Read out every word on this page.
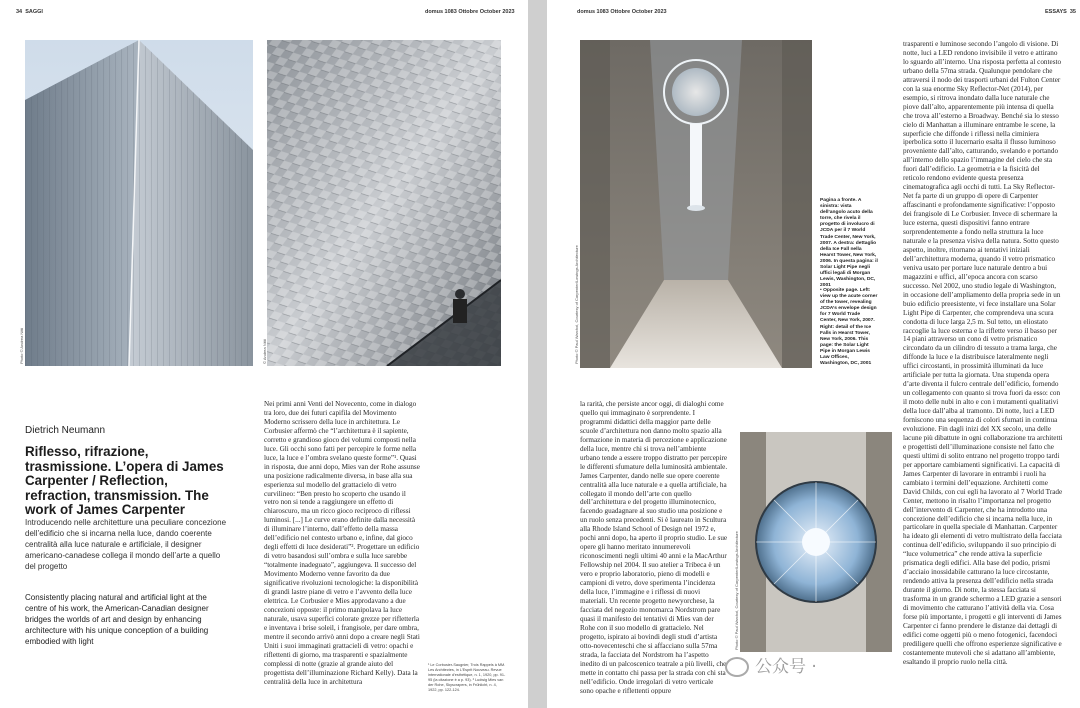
34 SAGGI	domus 1083 Ottobre October 2023
Photo © Andrea Nitti	© Andrea Nitti
Dietrich Neumann
Riflesso, rifrazione, trasmissione. L’opera di James Carpenter / Reflection, refraction, transmission. The work of James Carpenter
Introducendo nelle architetture una peculiare concezione dell’edificio che si incarna nella luce, dando coerente centralità alla luce naturale e artificiale, il designer americano-canadese collega il mondo dell’arte a quello del progetto
Consistently placing natural and artificial light at the centre of his work, the American-Canadian designer bridges the worlds of art and design by enhancing architecture with his unique conception of a building embodied with light

Nei primi anni Venti del Novecento, come in dialogo tra loro, due dei futuri capifila del Movimento Moderno scrissero della luce in architettura. Le Corbusier affermò che “l’architettura è il sapiente, corretto e grandioso gioco dei volumi composti nella luce. Gli occhi sono fatti per percepire le forme nella luce, la luce e l’ombra svelano queste forme”¹. Quasi in risposta, due anni dopo, Mies van der Rohe assunse una posizione radicalmente diversa, in base alla sua esperienza sul modello del grattacielo di vetro curvilineo: “Ben presto ho scoperto che usando il vetro non si tende a raggiungere un effetto di chiaroscuro, ma un ricco gioco reciproco di riflessi luminosi. [...] Le curve erano definite dalla necessità di illuminare l’interno, dall’effetto della massa dell’edificio nel contesto urbano e, infine, dal gioco degli effetti di luce desiderati”². Progettare un edificio di vetro basandosi sull’ombra e sulla luce sarebbe “totalmente inadeguato”, aggiungeva. Il successo del Movimento Moderno venne favorito da due significative rivoluzioni tecnologiche: la disponibilità di grandi lastre piane di vetro e l’avvento della luce elettrica. Le Corbusier e Mies approdavano a due concezioni opposte: il primo manipolava la luce naturale, usava superfici colorate grezze per rifletterla e inventava i brise soleil, i frangisole, per dare ombra, mentre il secondo arrivò anni dopo a creare negli Stati Uniti i suoi immaginati grattacieli di vetro: opachi e riflettenti di giorno, ma trasparenti e spazialmente complessi di notte (grazie al grande aiuto del progettista dell’illuminazione Richard Kelly). Data la centralità della luce in architettura

¹ Le Corbusier-Saugnier, Trois Rappels à MM. Les Architectes, in L’Esprit Nouveau. Revue internationale d’esthétique, n. 1, 1920, pp. 91-95 (la citazione è a p. 93). ² Ludwig Mies van der Rohe, Skyscrapers, in Frühlicht, n. 4, 1922, pp. 122-124.
domus 1083 Ottobre October 2023	ESSAYS 35
Photo © Paul Warchol, Courtesy of Carpenter/Lowings Architecture
Pagina a fronte. A sinistra: vista dell’angolo acuto della torre, che rivela il progetto di involucro di JCDA per il 7 World Trade Center, New York, 2007. A destra: dettaglio della Ice Fall nella Hearst Tower, New York, 2006. In questa pagina: il Solar Light Pipe negli uffici legali di Morgan Lewis, Washington, DC, 2001
• Opposite page. Left: view up the acute corner of the tower, revealing JCDA’s envelope design for 7 World Trade Center, New York, 2007. Right: detail of the Ice Falls in Hearst Tower, New York, 2006. This page: the Solar Light Pipe in Morgan Lewis Law Offices, Washington, DC, 2001
Photo © Paul Warchol, Courtesy of Carpenter/Lowings Architecture

la rarità, che persiste ancor oggi, di dialoghi come quello qui immaginato è sorprendente. I programmi didattici della maggior parte delle scuole d’architettura non danno molto spazio alla formazione in materia di percezione e applicazione della luce, mentre chi si trova nell’ambiente urbano tende a essere troppo distratto per percepire le differenti sfumature della luminosità ambientale. James Carpenter, dando nelle sue opere coerente centralità alla luce naturale e a quella artificiale, ha collegato il mondo dell’arte con quello dell’architettura e del progetto illuminotecnico, facendo guadagnare al suo studio una posizione e un ruolo senza precedenti. Si è laureato in Scultura alla Rhode Island School of Design nel 1972 e, pochi anni dopo, ha aperto il proprio studio. Le sue opere gli hanno meritato innumerevoli riconoscimenti negli ultimi 40 anni e la MacArthur Fellowship nel 2004. Il suo atelier a Tribeca è un vero e proprio laboratorio, pieno di modelli e campioni di vetro, dove sperimenta l’incidenza della luce, l’immagine e i riflessi di nuovi materiali. Un recente progetto newyorchese, la facciata del negozio monomarca Nordstrom pare quasi il manifesto dei tentativi di Mies van der Rohe con il suo modello di grattacielo. Nel progetto, ispirato ai bovindi degli studi d’artista otto-novecenteschi che si affacciano sulla 57ma strada, la facciata del Nordstrom ha l’aspetto inedito di un palcoscenico teatrale a più livelli, che mette in contatto chi passa per la strada con chi sta nell’edificio. Onde irregolari di vetro verticale sono opache e riflettenti oppure

trasparenti e luminose secondo l’angolo di visione. Di notte, luci a LED rendono invisibile il vetro e attirano lo sguardo all’interno. Una risposta perfetta al contesto urbano della 57ma strada. Qualunque pendolare che attraversi il nodo dei trasporti urbani del Fulton Center con la sua enorme Sky Reflector-Net (2014), per esempio, si ritrova inondato dalla luce naturale che piove dall’alto, apparentemente più intensa di quella che trova all’esterno a Broadway. Benché sia lo stesso cielo di Manhattan a illuminare entrambe le scene, la superficie che diffonde i riflessi nella ciminiera iperbolica sotto il lucernario esalta il flusso luminoso proveniente dall’alto, catturando, svelando e portando all’interno dello spazio l’immagine del cielo che sta fuori dall’edificio. La geometria e la fisicità del reticolo rendono evidente questa presenza cinematografica agli occhi di tutti. La Sky Reflector-Net fa parte di un gruppo di opere di Carpenter affascinanti e profondamente significative: l’opposto dei frangisole di Le Corbusier. Invece di schermare la luce esterna, questi dispositivi fanno entrare sorprendentemente a fondo nella struttura la luce naturale e la presenza visiva della natura. Sotto questo aspetto, inoltre, ritornano ai tentativi iniziali dell’architettura moderna, quando il vetro prismatico veniva usato per portare luce naturale dentro a bui magazzini e uffici, all’epoca ancora con scarso successo. Nel 2002, uno studio legale di Washington, in occasione dell’ampliamento della propria sede in un buio edificio preesistente, vi fece installare una Solar Light Pipe di Carpenter, che comprendeva una scura condotta di luce larga 2,5 m. Sul tetto, un eliostato raccoglie la luce esterna e la riflette verso il basso per 14 piani attraverso un cono di vetro prismatico circondato da un cilindro di tessuto a trama larga, che diffonde la luce e la distribuisce lateralmente negli uffici circostanti, in prossimità illuminati da luce artificiale per tutta la giornata. Una stupenda opera d’arte diventa il fulcro centrale dell’edificio, fornendo un collegamento con quanto si trova fuori da esso: con il moto delle nubi in alto e con i mutamenti qualitativi della luce dall’alba al tramonto. Di notte, luci a LED forniscono una sequenza di colori sfumati in continua evoluzione. Fin dagli inizi del XX secolo, una delle lacune più dibattute in ogni collaborazione tra architetti e progettisti dell’illuminazione consiste nel fatto che questi ultimi di solito entrano nel progetto troppo tardi per apportare cambiamenti significativi. La capacità di James Carpenter di lavorare in entrambi i ruoli ha cambiato i termini dell’equazione. Architetti come David Childs, con cui egli ha lavorato al 7 World Trade Center, mettono in risalto l’importanza nel progetto dell’intervento di Carpenter, che ha introdotto una concezione dell’edificio che si incarna nella luce, in particolare in quella speciale di Manhattan. Carpenter ha ideato gli elementi di vetro multistrato della facciata continua dell’edificio, sviluppando il suo principio di “luce volumetrica” che rende attiva la superficie prismatica degli edifici. Alla base del podio, prismi d’acciaio inossidabile catturano la luce circostante, rendendo attiva la presenza dell’edificio nella strada durante il giorno. Di notte, la stessa facciata si trasforma in un grande schermo a LED grazie a sensori di movimento che catturano l’attività della via. Cosa forse più importante, i progetti e gli interventi di James Carpenter ci fanno prendere le distanze dai dettagli di edifici come oggetti più o meno fotogenici, facendoci prediligere quelli che offrono esperienze significative e costantemente mutevoli che si adattano all’ambiente, esaltando il proprio ruolo nella città.

公众号 ·
